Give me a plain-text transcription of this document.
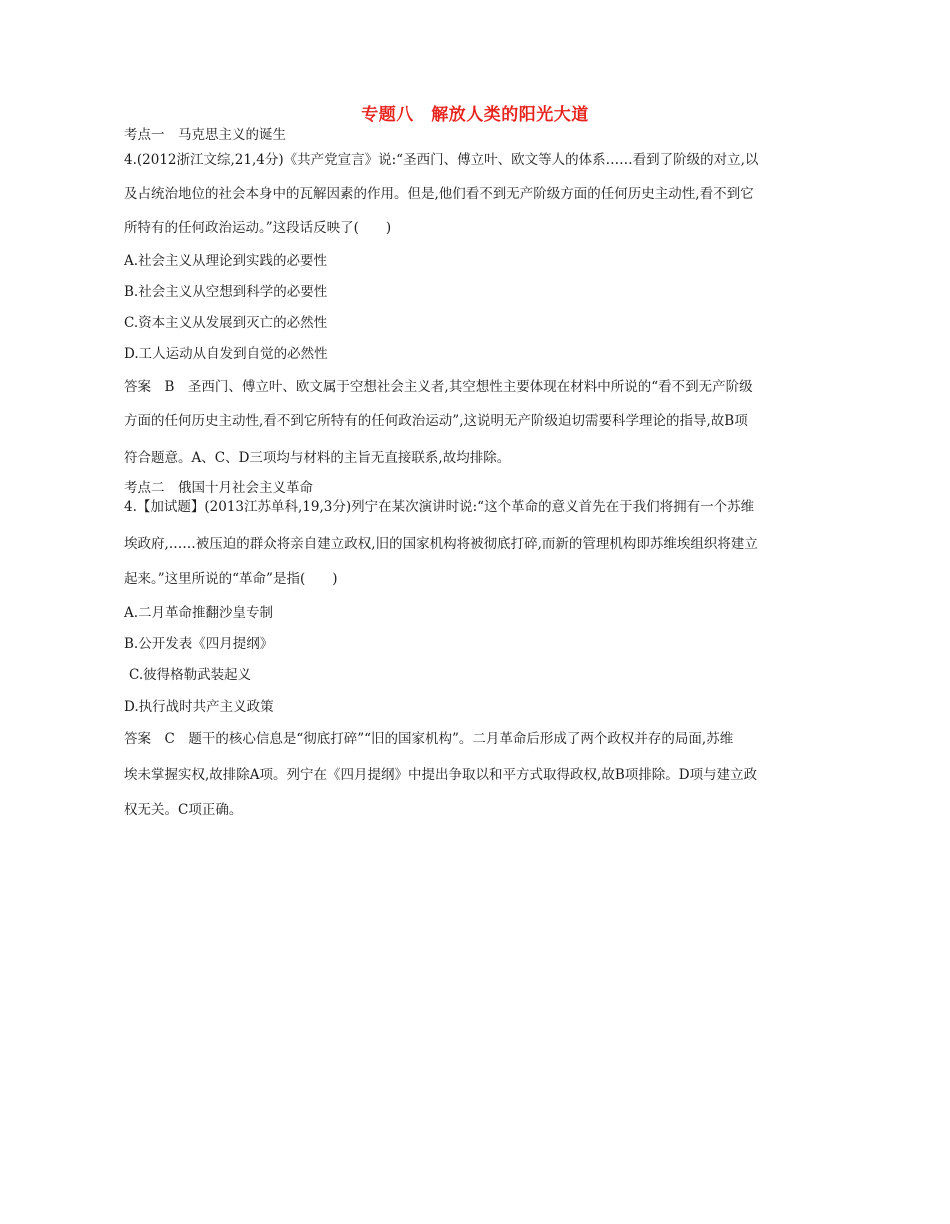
专题八　解放人类的阳光大道
考点一　马克思主义的诞生
4.(2012浙江文综,21,4分)《共产党宣言》说:“圣西门、傅立叶、欧文等人的体系……看到了阶级的对立,以
及占统治地位的社会本身中的瓦解因素的作用。但是,他们看不到无产阶级方面的任何历史主动性,看不到它
所特有的任何政治运动。”这段话反映了(　　)
A.社会主义从理论到实践的必要性
B.社会主义从空想到科学的必要性
C.资本主义从发展到灭亡的必然性
D.工人运动从自发到自觉的必然性
答案　B　圣西门、傅立叶、欧文属于空想社会主义者,其空想性主要体现在材料中所说的“看不到无产阶级
方面的任何历史主动性,看不到它所特有的任何政治运动”,这说明无产阶级迫切需要科学理论的指导,故B项
符合题意。A、C、D三项均与材料的主旨无直接联系,故均排除。
考点二　俄国十月社会主义革命
4.【加试题】(2013江苏单科,19,3分)列宁在某次演讲时说:“这个革命的意义首先在于我们将拥有一个苏维
埃政府,……被压迫的群众将亲自建立政权,旧的国家机构将被彻底打碎,而新的管理机构即苏维埃组织将建立
起来。”这里所说的“革命”是指(　　)
A.二月革命推翻沙皇专制
B.公开发表《四月提纲》
C.彼得格勒武装起义
D.执行战时共产主义政策
答案　C　题干的核心信息是“彻底打碎”“旧的国家机构”。二月革命后形成了两个政权并存的局面,苏维
埃未掌握实权,故排除A项。列宁在《四月提纲》中提出争取以和平方式取得政权,故B项排除。D项与建立政
权无关。C项正确。
